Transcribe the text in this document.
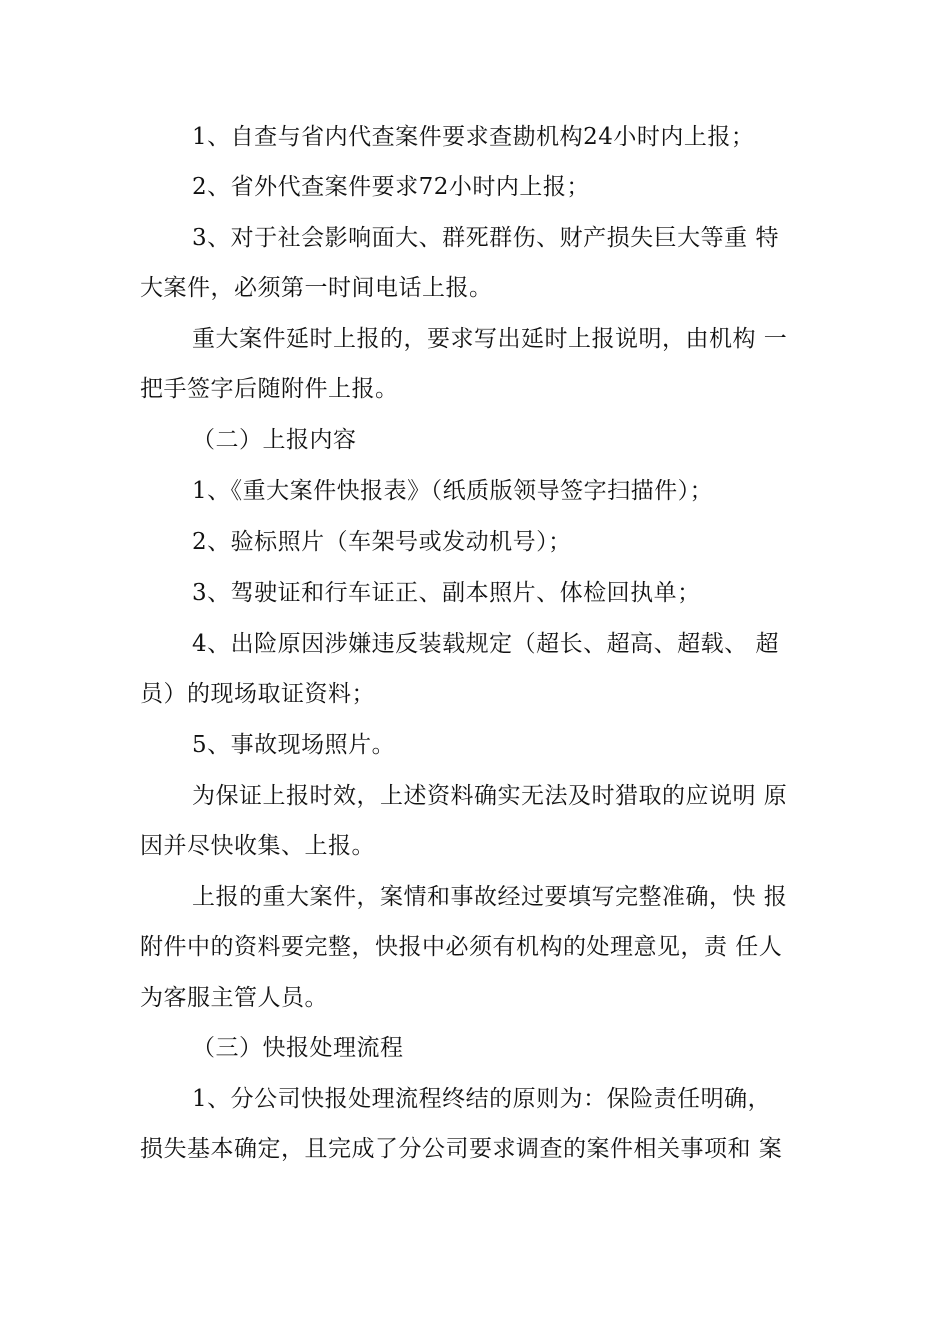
1、自查与省内代查案件要求查勘机构24小时内上报；
2、省外代查案件要求72小时内上报；
3、对于社会影响面大、群死群伤、财产损失巨大等重 特
大案件，必须第一时间电话上报。
重大案件延时上报的，要求写出延时上报说明，由机构 一
把手签字后随附件上报。
（二）上报内容
1、《重大案件快报表》（纸质版领导签字扫描件）；
2、验标照片（车架号或发动机号）；
3、驾驶证和行车证正、副本照片、体检回执单；
4、出险原因涉嫌违反装载规定（超长、超高、超载、 超
员）的现场取证资料；
5、事故现场照片。
为保证上报时效，上述资料确实无法及时猎取的应说明 原
因并尽快收集、上报。
上报的重大案件，案情和事故经过要填写完整准确，快 报
附件中的资料要完整，快报中必须有机构的处理意见，责 任人
为客服主管人员。
（三）快报处理流程
1、分公司快报处理流程终结的原则为：保险责任明确，
损失基本确定，且完成了分公司要求调查的案件相关事项和 案
